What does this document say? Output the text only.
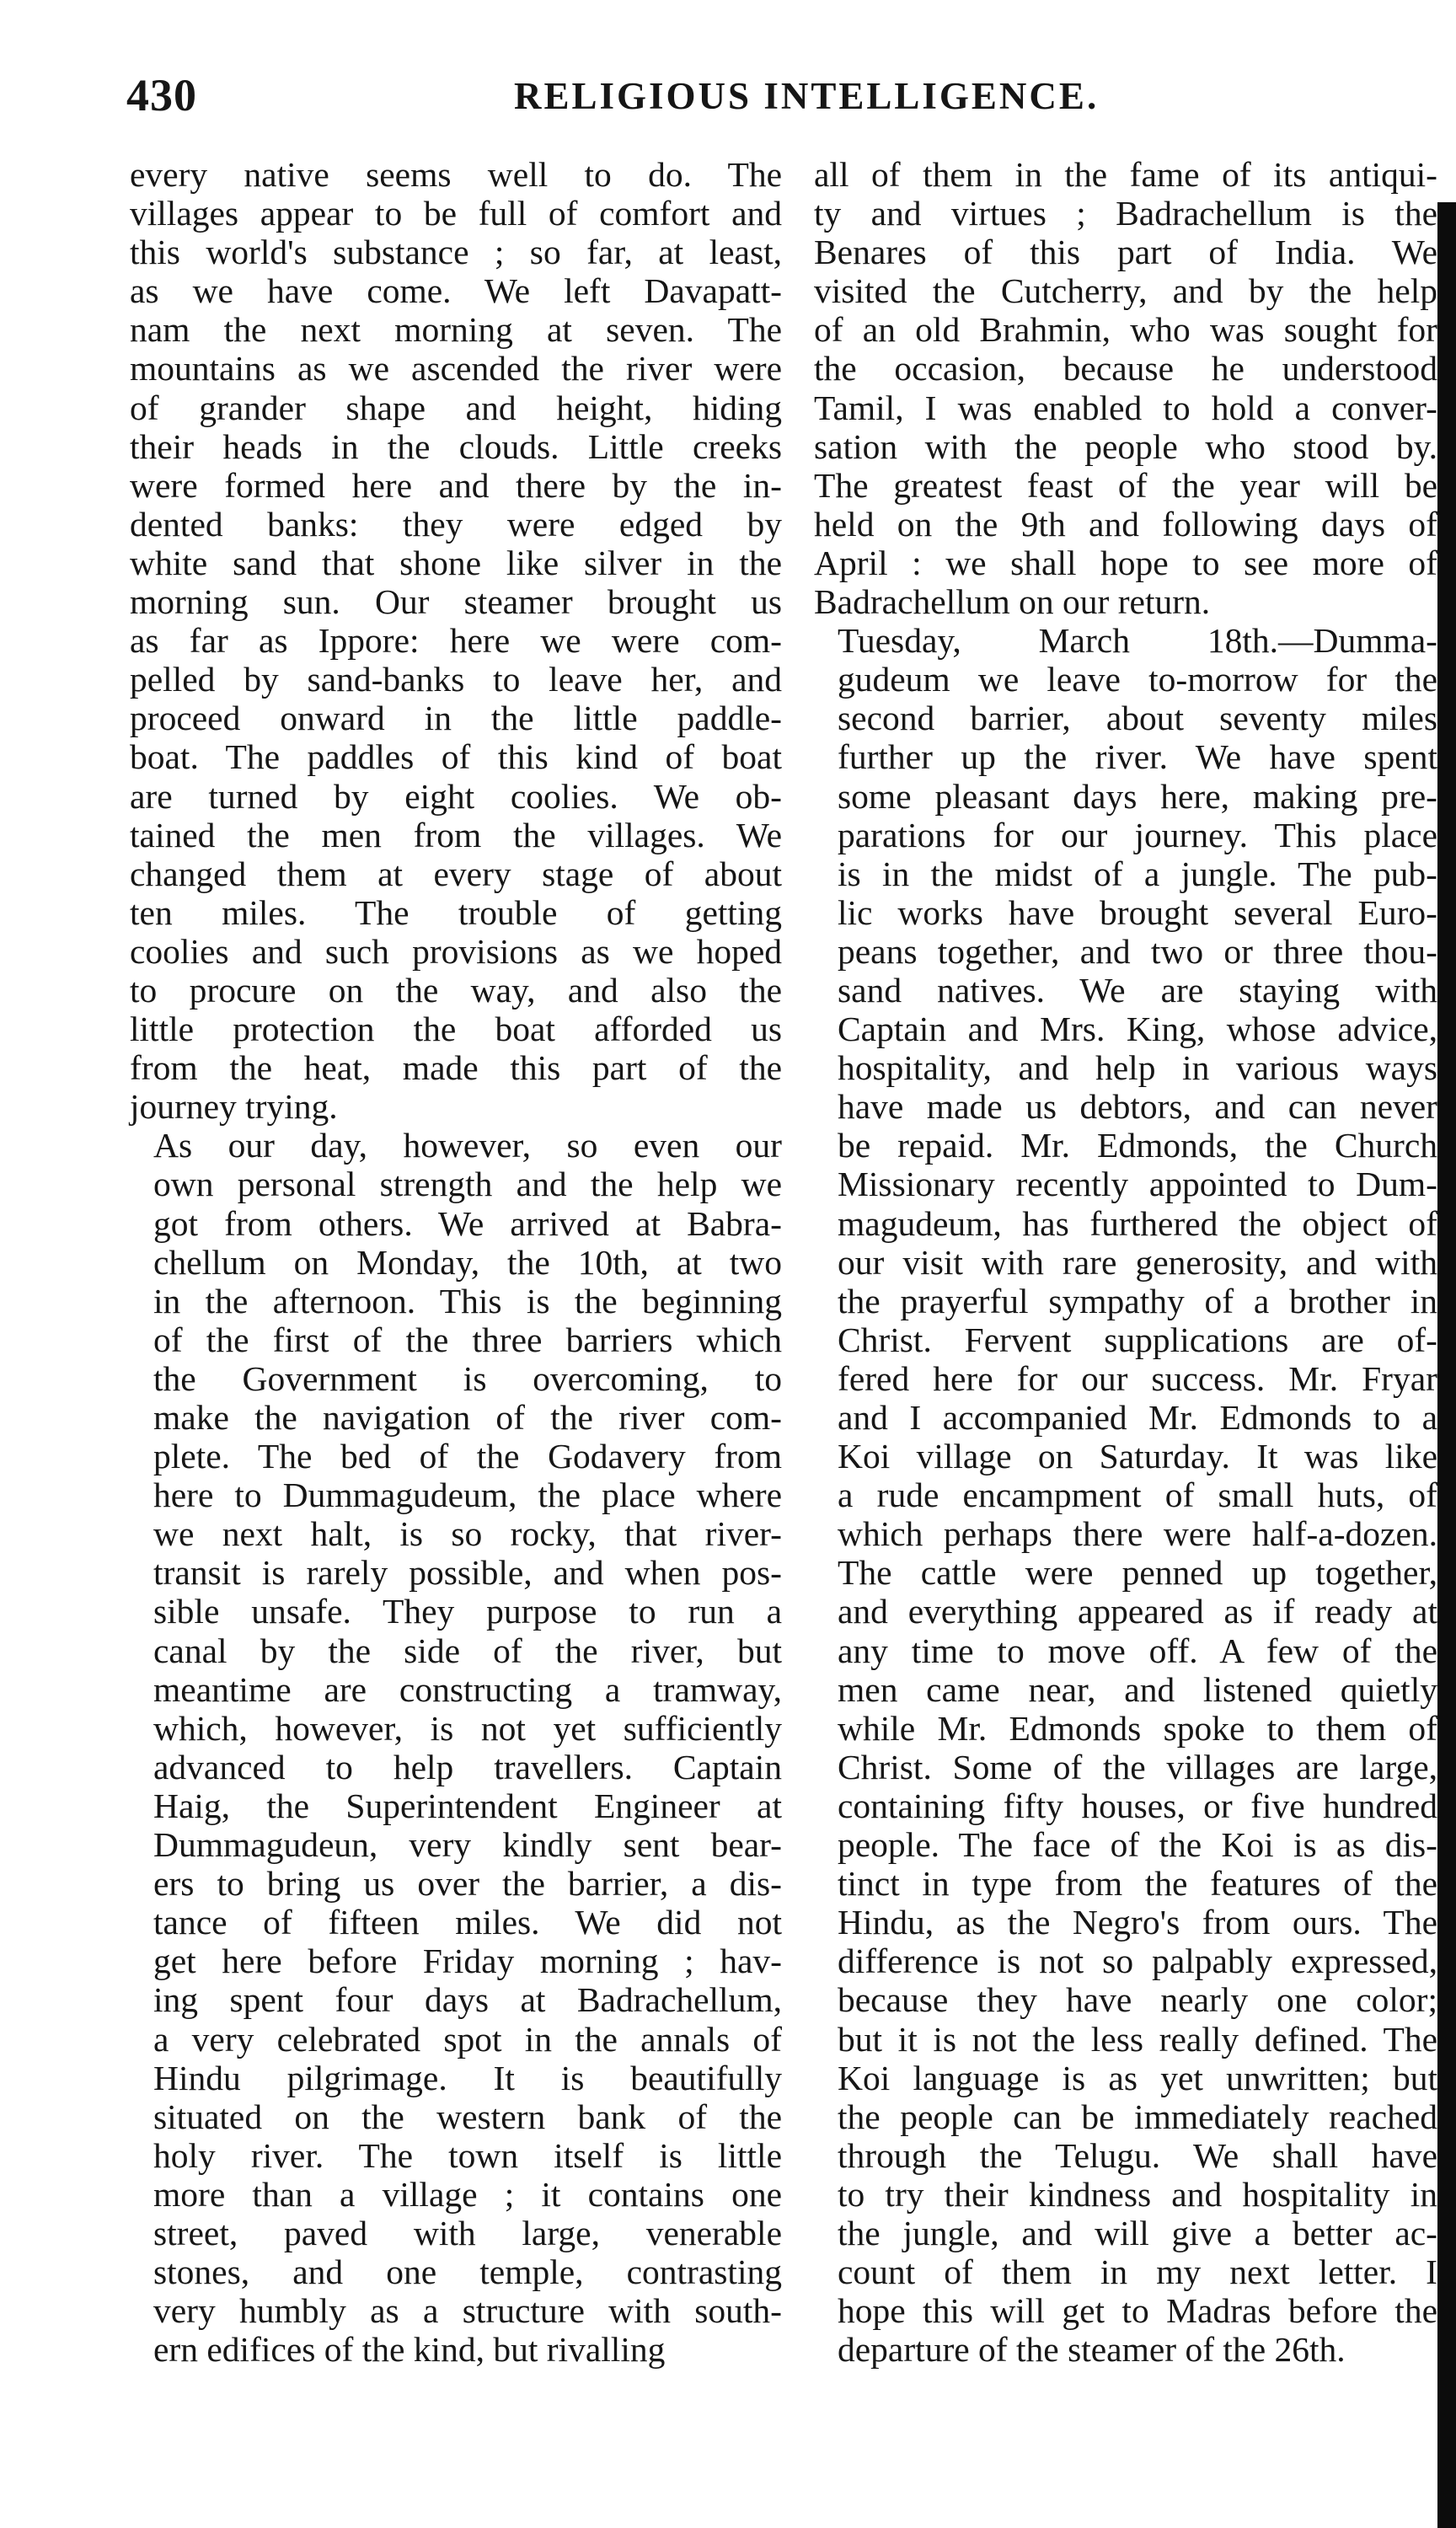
430	RELIGIOUS INTELLIGENCE.

every native seems well to do. The
villages appear to be full of comfort and
this world's substance ; so far, at least,
as we have come. We left Davapatt-
nam the next morning at seven. The
mountains as we ascended the river were
of grander shape and height, hiding
their heads in the clouds. Little creeks
were formed here and there by the in-
dented banks: they were edged by
white sand that shone like silver in the
morning sun. Our steamer brought us
as far as Ippore: here we were com-
pelled by sand-banks to leave her, and
proceed onward in the little paddle-
boat. The paddles of this kind of boat
are turned by eight coolies. We ob-
tained the men from the villages. We
changed them at every stage of about
ten miles. The trouble of getting
coolies and such provisions as we hoped
to procure on the way, and also the
little protection the boat afforded us
from the heat, made this part of the
journey trying.

As our day, however, so even our
own personal strength and the help we
got from others. We arrived at Babra-
chellum on Monday, the 10th, at two
in the afternoon. This is the beginning
of the first of the three barriers which
the Government is overcoming, to
make the navigation of the river com-
plete. The bed of the Godavery from
here to Dummagudeum, the place where
we next halt, is so rocky, that river-
transit is rarely possible, and when pos-
sible unsafe. They purpose to run a
canal by the side of the river, but
meantime are constructing a tramway,
which, however, is not yet sufficiently
advanced to help travellers. Captain
Haig, the Superintendent Engineer at
Dummagudeun, very kindly sent bear-
ers to bring us over the barrier, a dis-
tance of fifteen miles. We did not
get here before Friday morning ; hav-
ing spent four days at Badrachellum,
a very celebrated spot in the annals of
Hindu pilgrimage. It is beautifully
situated on the western bank of the
holy river. The town itself is little
more than a village ; it contains one
street, paved with large, venerable
stones, and one temple, contrasting
very humbly as a structure with south-
ern edifices of the kind, but rivalling

all of them in the fame of its antiqui-
ty and virtues ; Badrachellum is the
Benares of this part of India. We
visited the Cutcherry, and by the help
of an old Brahmin, who was sought for
the occasion, because he understood
Tamil, I was enabled to hold a conver-
sation with the people who stood by.
The greatest feast of the year will be
held on the 9th and following days of
April : we shall hope to see more of
Badrachellum on our return.

Tuesday, March 18th.—Dumma-
gudeum we leave to-morrow for the
second barrier, about seventy miles
further up the river. We have spent
some pleasant days here, making pre-
parations for our journey. This place
is in the midst of a jungle. The pub-
lic works have brought several Euro-
peans together, and two or three thou-
sand natives. We are staying with
Captain and Mrs. King, whose advice,
hospitality, and help in various ways
have made us debtors, and can never
be repaid. Mr. Edmonds, the Church
Missionary recently appointed to Dum-
magudeum, has furthered the object of
our visit with rare generosity, and with
the prayerful sympathy of a brother in
Christ. Fervent supplications are of-
fered here for our success. Mr. Fryar
and I accompanied Mr. Edmonds to a
Koi village on Saturday. It was like
a rude encampment of small huts, of
which perhaps there were half-a-dozen.
The cattle were penned up together,
and everything appeared as if ready at
any time to move off. A few of the
men came near, and listened quietly
while Mr. Edmonds spoke to them of
Christ. Some of the villages are large,
containing fifty houses, or five hundred
people. The face of the Koi is as dis-
tinct in type from the features of the
Hindu, as the Negro's from ours. The
difference is not so palpably expressed,
because they have nearly one color;
but it is not the less really defined. The
Koi language is as yet unwritten; but
the people can be immediately reached
through the Telugu. We shall have
to try their kindness and hospitality in
the jungle, and will give a better ac-
count of them in my next letter. I
hope this will get to Madras before the
departure of the steamer of the 26th.
